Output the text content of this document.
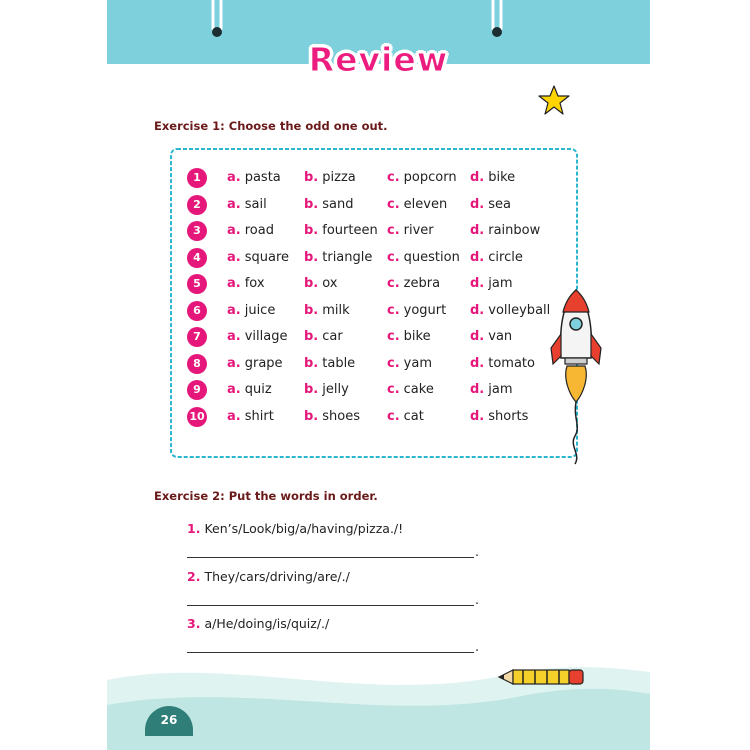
Review
Exercise 1: Choose the odd one out.
1	a. pasta b. pizza c. popcorn d. bike
2	a. sail	b. sand	c. eleven d. sea
3	a. road b. fourteen c. river	d. rainbow
4	a. square b. triangle c. question d. circle
5	a. fox	b. ox	c. zebra d. jam
6	a. juice b. milk	c. yogurt d. volleyball
7	a. village b. car	c. bike	d. van
8	a. grape b. table c. yam	d. tomato
9	a. quiz b. jelly	c. cake	d. jam
10 a. shirt b. shoes c. cat	d. shorts
Exercise 2: Put the words in order.
1. Ken’s/Look/big/a/having/pizza./!
.
2. They/cars/driving/are/./
.
3. a/He/doing/is/quiz/./
.
26
